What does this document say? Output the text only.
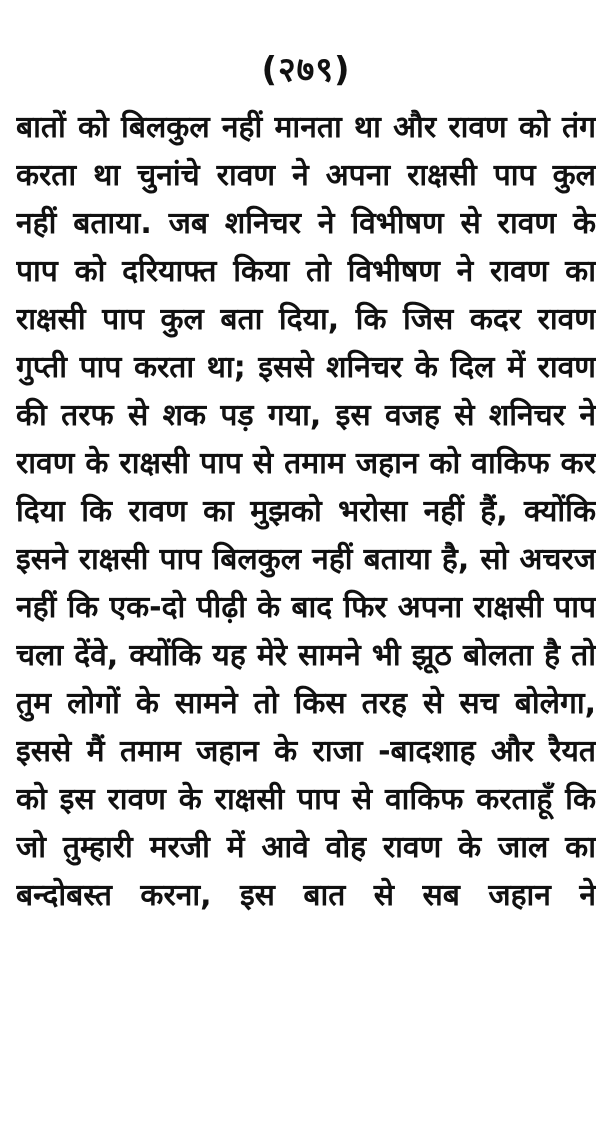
(२७९)
बातों को बिलकुल नहीं मानता था और रावण को तंग
करता था चुनांचे रावण ने अपना राक्षसी पाप कुल
नहीं बताया. जब शनिचर ने विभीषण से रावण के
पाप को दरियाफ्त किया तो विभीषण ने रावण का
राक्षसी पाप कुल बता दिया, कि जिस कदर रावण
गुप्ती पाप करता था; इससे शनिचर के दिल में रावण
की तरफ से शक पड़ गया, इस वजह से शनिचर ने
रावण के राक्षसी पाप से तमाम जहान को वाकिफ कर
दिया कि रावण का मुझको भरोसा नहीं हैं, क्योंकि
इसने राक्षसी पाप बिलकुल नहीं बताया है, सो अचरज
नहीं कि एक-दो पीढ़ी के बाद फिर अपना राक्षसी पाप
चला देंवे, क्योंकि यह मेरे सामने भी झूठ बोलता है तो
तुम लोगों के सामने तो किस तरह से सच बोलेगा,
इससे मैं तमाम जहान के राजा -बादशाह और रैयत
को इस रावण के राक्षसी पाप से वाकिफ करताहूँ कि
जो तुम्हारी मरजी में आवे वोह रावण के जाल का
बन्दोबस्त करना, इस बात से सब जहान ने
